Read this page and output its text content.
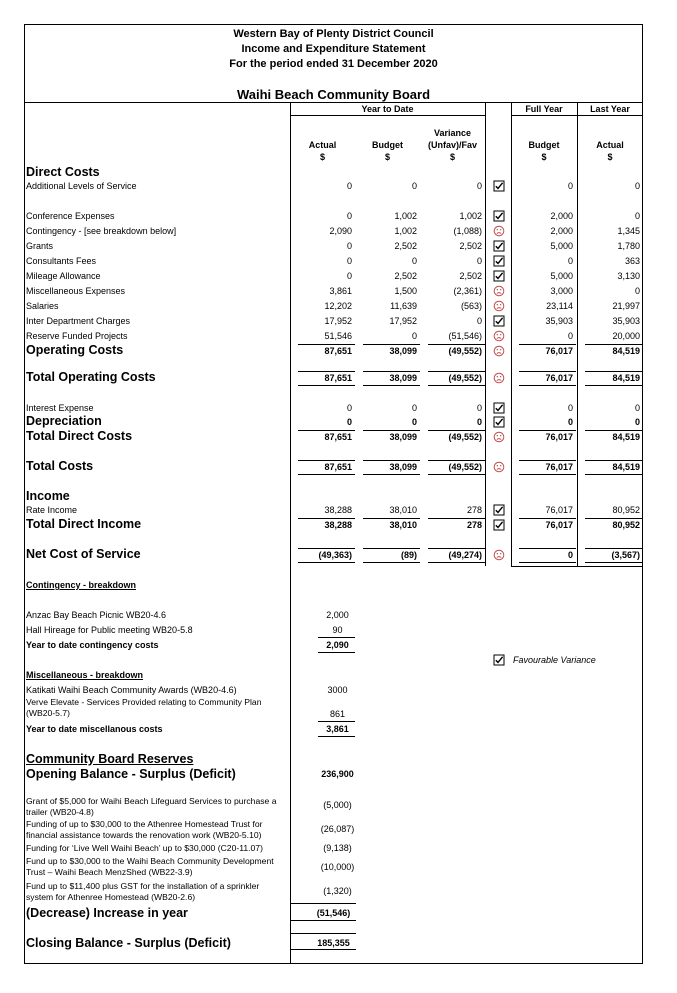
Western Bay of Plenty District Council
Income and Expenditure Statement
For the period ended 31 December 2020
Waihi Beach Community Board
Year to Date	Full Year	Last Year
Variance
Actual	Budget	(Unfav)/Fav	Budget	Actual
$	$	$	$	$
Direct Costs
Income
Additional Levels of Service	0	0	0	0	0
Conference Expenses	0	1,002	1,002	2,000	0
Contingency - [see breakdown below]	2,090	1,002	(1,088)	2,000	1,345
Grants	0	2,502	2,502	5,000	1,780
Consultants Fees	0	0	0	0	363
Mileage Allowance	0	2,502	2,502	5,000	3,130
Miscellaneous Expenses	3,861	1,500	(2,361)	3,000	0
Salaries	12,202	11,639	(563)	23,114	21,997
Inter Department Charges	17,952	17,952	0	35,903	35,903
Reserve Funded Projects	51,546	0	(51,546)	0	20,000
Operating Costs	87,651	38,099	(49,552)	76,017	84,519
Total Operating Costs	87,651	38,099	(49,552)	76,017	84,519
Interest Expense	0	0	0	0	0
Depreciation	0	0	0	0	0
Total Direct Costs	87,651	38,099	(49,552)	76,017	84,519
Total Costs	87,651	38,099	(49,552)	76,017	84,519
Rate Income	38,288	38,010	278	76,017	80,952
Total Direct Income	38,288	38,010	278	76,017	80,952
Net Cost of Service	(49,363)	(89)	(49,274)	0	(3,567)
Contingency - breakdown
Anzac Bay Beach Picnic WB20-4.6	2,000
Hall Hireage for Public meeting WB20-5.8	90
Year to date contingency costs	2,090
Favourable Variance
Miscellaneous - breakdown
Katikati Waihi Beach Community Awards (WB20-4.6)	3000
Verve Elevate - Services Provided relating to Community Plan (WB20-5.7)	861
Year to date miscellanous costs	3,861
Community Board Reserves
Opening Balance - Surplus (Deficit)	236,900
Grant of $5,000 for Waihi Beach Lifeguard Services to purchase a trailer (WB20-4.8)
(5,000)
Funding of up to $30,000 to the Athenree Homestead Trust for financial assistance towards the renovation work (WB20-5.10)
(26,087)
Funding for ‘Live Well Waihi Beach’ up to $30,000 (C20-11.07)	(9,138)
Fund up to $30,000 to the Waihi Beach Community Development Trust – Waihi Beach MenzShed (WB22-3.9)	(10,000)
Fund up to $11,400 plus GST for the installation of a sprinkler system for Athenree Homestead (WB20-2.6)
(1,320)
(Decrease) Increase in year	(51,546)
Closing Balance - Surplus (Deficit)	185,355
